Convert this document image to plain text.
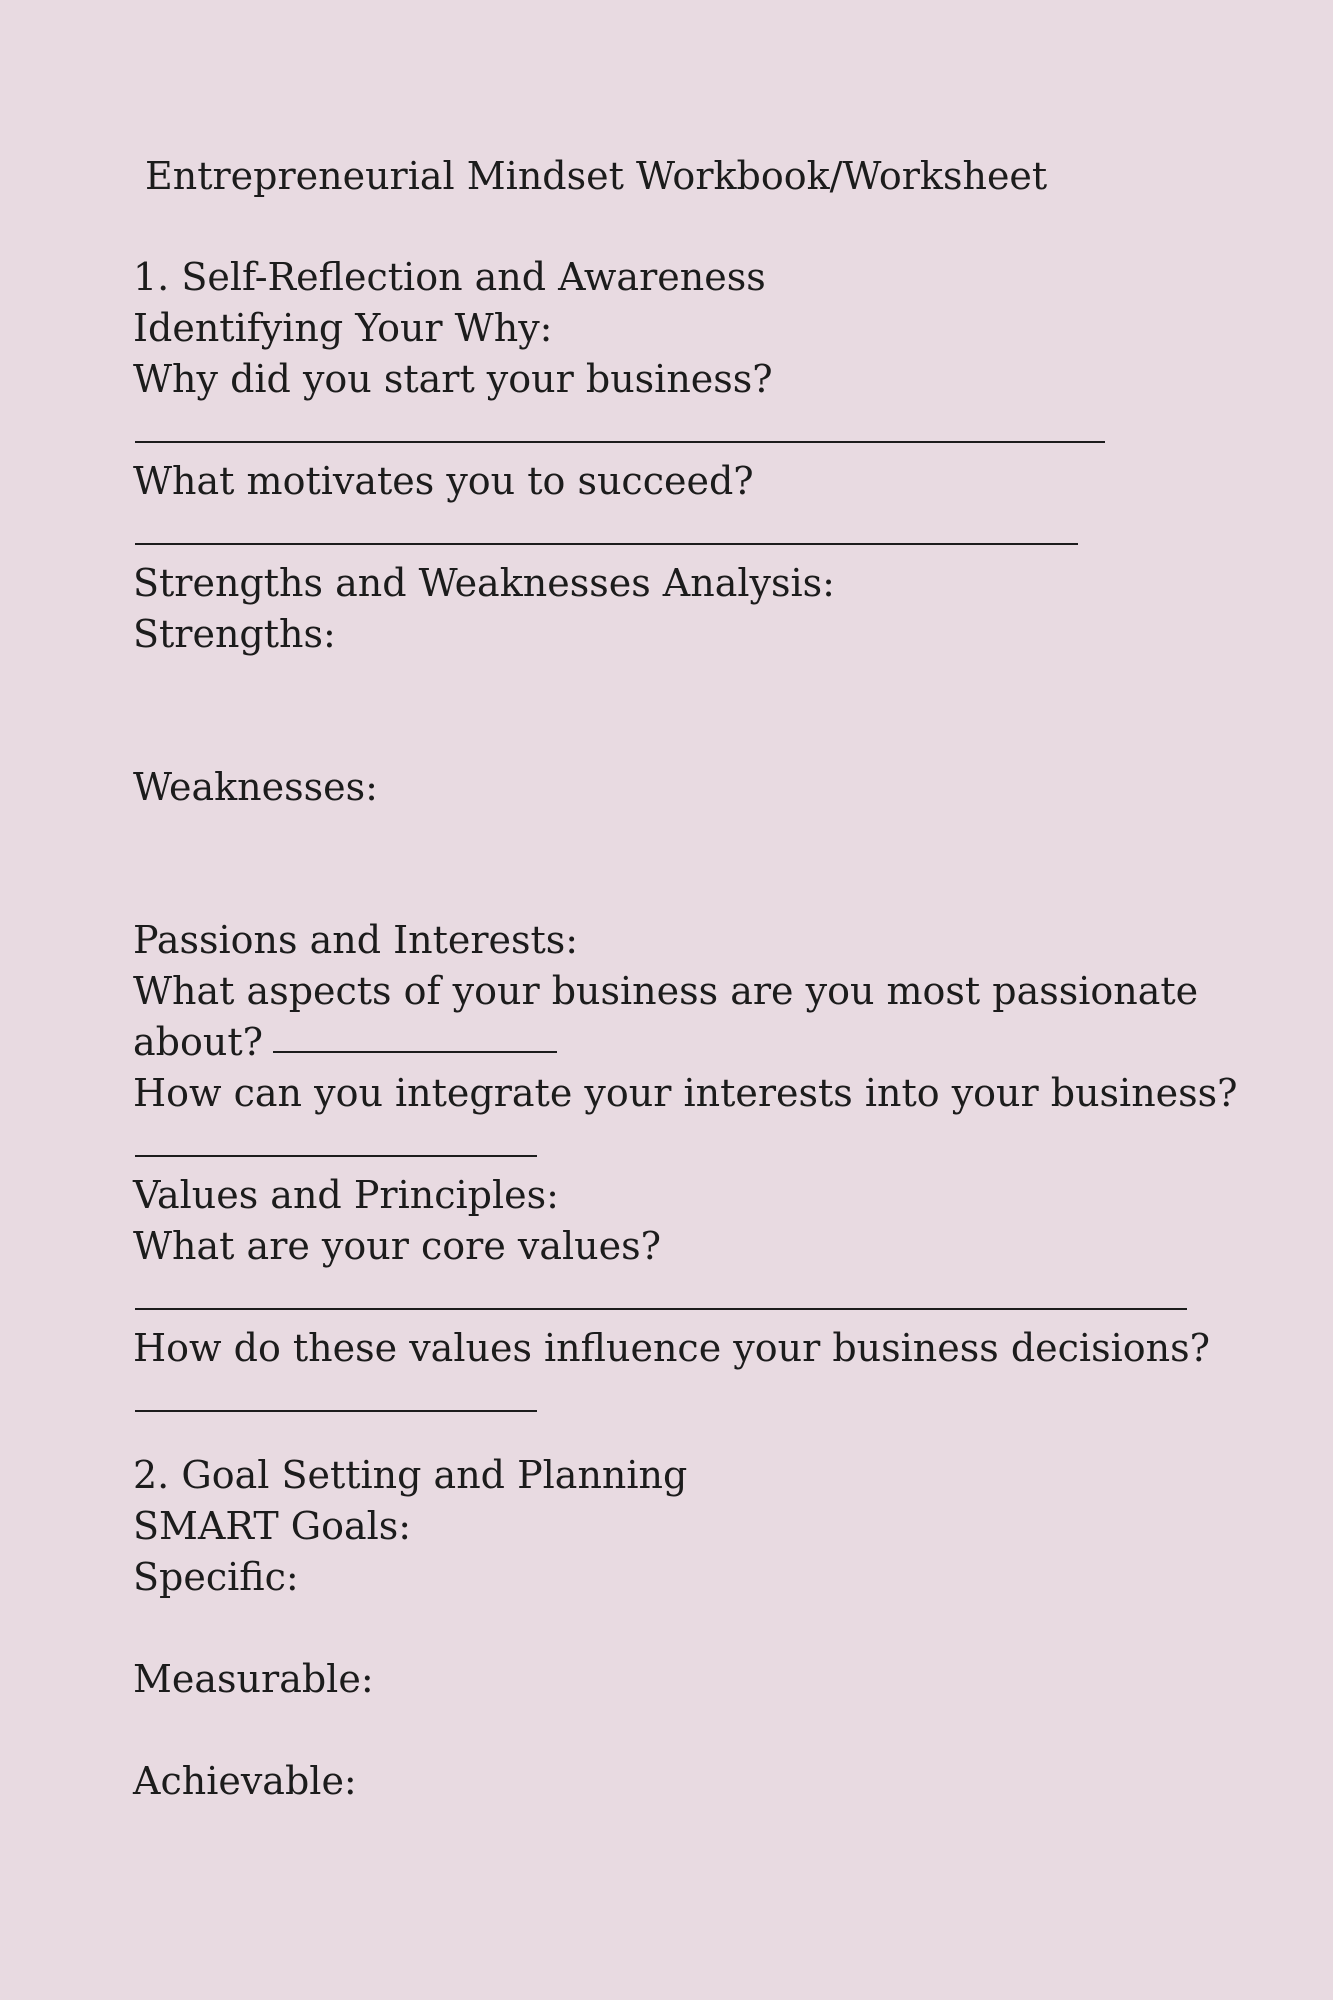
Entrepreneurial Mindset Workbook/Worksheet
1. Self-Reflection and Awareness
Identifying Your Why:
Why did you start your business?
What motivates you to succeed?
Strengths and Weaknesses Analysis:
Strengths:
Weaknesses:
Passions and Interests:
What aspects of your business are you most passionate
about?
How can you integrate your interests into your business?
Values and Principles:
What are your core values?
How do these values influence your business decisions?
2. Goal Setting and Planning
SMART Goals:
Specific:
Measurable:
Achievable:
